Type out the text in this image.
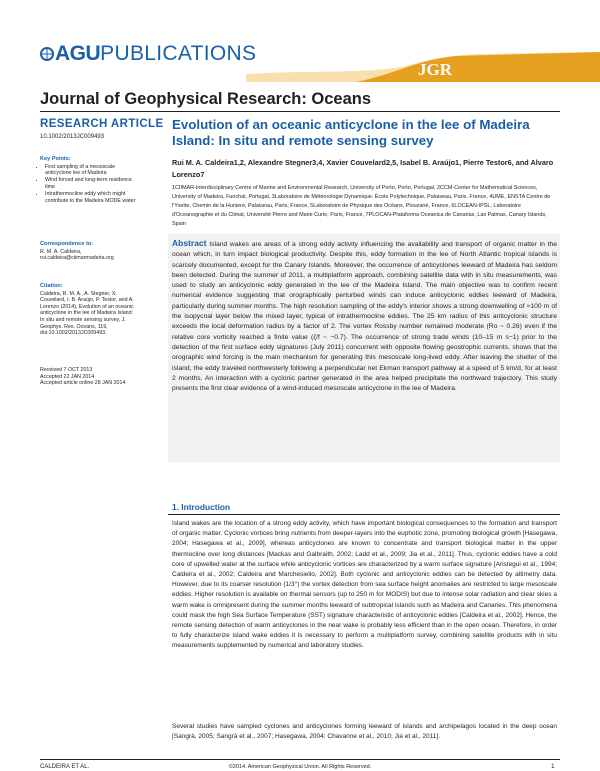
AGUPUBLICATIONS
JGR
Journal of Geophysical Research: Oceans
RESEARCH ARTICLE
10.1002/2013JC009493
Key Points:
• First sampling of a mesoscale anticyclone lee of Madeira
• Wind forced and long-term residence time
• Intrathermocline eddy which might contribute to the Madeira MODE water
Correspondence to:
R. M. A. Caldeira,
rui.caldeira@ciimarmadeira.org
Citation:
Caldeira, R. M. A., A. Stegner, X. Couvelard, I. B. Araújo, P. Testor, and A. Lorenzo (2014), Evolution of an oceanic anticyclone in the lee of Madeira Island: In situ and remote sensing survey, J. Geophys. Res. Oceans, 119, doi:10.1002/2013JC009493.
Received 7 OCT 2013
Accepted 22 JAN 2014
Accepted article online 28 JAN 2014
Evolution of an oceanic anticyclone in the lee of Madeira Island: In situ and remote sensing survey
Rui M. A. Caldeira1,2, Alexandre Stegner3,4, Xavier Couvelard2,5, Isabel B. Araújo1, Pierre Testor6, and Alvaro Lorenzo7
1CIIMAR-Interdisciplinary Centre of Marine and Environmental Research, University of Porto, Porto, Portugal, 2CCM-Center for Mathematical Sciences, University of Madeira, Funchal, Portugal, 3Laboratoire de Météorologie Dynamique, École Polytechnique, Palaiseau, Paris, France, 4UME, ENSTA Centre de l'Yvette, Chemin de la Huniere, Palaiseau, Paris, France, 5Laboratoire de Physique des Océans, Plouzané, France, 6LOCEAN-IPSL, Laboratoire d'Oceanographie et du Climat, Université Pierre and Marie Curie, Paris, France, 7PLOCAN-Plataforma Oceanica de Canarias, Las Palmas, Canary Islands, Spain
Abstract Island wakes are areas of a strong eddy activity influencing the availability and transport of organic matter in the ocean which, in turn impact biological productivity. Despite this, eddy formation in the lee of North Atlantic tropical islands is scarcely documented, except for the Canary Islands. Moreover, the occurrence of anticyclones leeward of Madeira has seldom been detected. During the summer of 2011, a multiplatform approach, combining satellite data with in situ measurements, was used to study an anticyclonic eddy generated in the lee of the Madeira Island. The main objective was to confirm recent numerical evidence suggesting that orographically perturbed winds can induce anticyclonic eddies leeward of Madeira, particularly during summer months. The high resolution sampling of the eddy's interior shows a strong downwelling of ≈100 m of the isopycnal layer below the mixed layer, typical of intrathermocline eddies. The 25 km radius of this anticyclonic structure exceeds the local deformation radius by a factor of 2. The vortex Rossby number remained moderate (Ro ~ 0.26) even if the relative core vorticity reached a finite value (ζ/f ~ −0.7). The occurrence of strong trade winds (10–15 m s−1) prior to the detection of the first surface eddy signatures (July 2011) concurrent with opposite flowing geostrophic currents, shows that the orographic wind forcing is the main mechanism for generating this mesoscale long-lived eddy. After leaving the shelter of the island, the eddy traveled northwesterly following a perpendicular net Ekman transport pathway at a speed of 5 km/d, for at least 2 months. An interaction with a cyclonic partner generated in the area helped precipitate the northward trajectory. This study presents the first clear evidence of a wind-induced mesoscale anticyclone in the lee of Madeira.
1. Introduction

Island wakes are the location of a strong eddy activity, which have important biological consequences to the formation and transport of organic matter. Cyclonic vortices bring nutrients from deeper-layers into the euphotic zone, promoting biological growth [Hasegawa, 2004; Hasegawa et al., 2009], whereas anticyclones are known to concentrate and transport biological matter in the upper thermocline over long distances [Mackas and Galbraith, 2002; Ladd et al., 2009; Jia et al., 2011]. Thus, cyclonic eddies have a cold core of upwelled water at the surface while anticyclonic vortices are characterized by a warm surface signature [Aristegui et al., 1994; Caldeira et al., 2002; Caldeira and Marchesiello, 2002]. Both cyclonic and anticyclonic eddies can be detected by altimetry data. However, due to its coarser resolution (1/3°) the vortex detection from sea surface height anomalies are restricted to large mesoscale eddies. Higher resolution is available on thermal sensors (up to 250 m for MODIS) but due to intense solar radiation and clear skies a warm wake is omnipresent during the summer months leeward of subtropical islands such as Madeira and Canaries. This phenomena could mask the high Sea Surface Temperature (SST) signature characteristic of anticyclonic eddies [Caldeira et al., 2002]. Hence, the remote sensing detection of warm anticyclones in the near wake is probably less efficient than in the open ocean. Therefore, in order to fully characterize island wake eddies it is necessary to perform a multiplatform survey, combining satellite products with in situ measurements supplemented by numerical and laboratory studies.

Several studies have sampled cyclones and anticyclones forming leeward of islands and archipelagos located in the deep ocean [Sangrà, 2005; Sangrà et al., 2007; Hasegawa, 2004; Chavanne et al., 2010; Jia et al., 2011].

CALDEIRA ET AL.	©2014. American Geophysical Union. All Rights Reserved.	1
